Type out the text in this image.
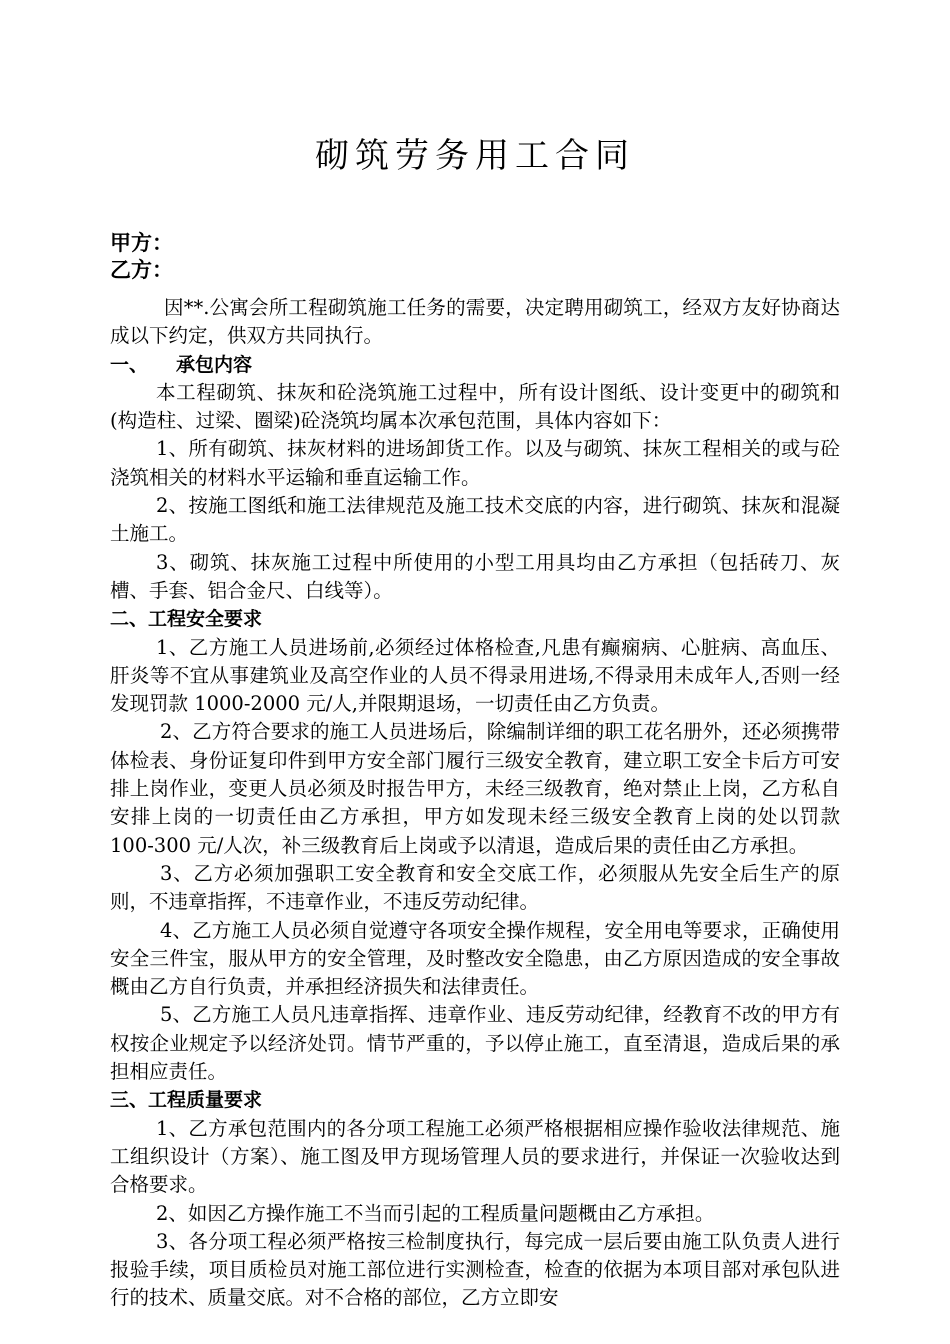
砌筑劳务用工合同
甲方：
乙方：

因**.公寓会所工程砌筑施工任务的需要，决定聘用砌筑工，经双方友好协商达成以下约定，供双方共同执行。

一、 承包内容

本工程砌筑、抹灰和砼浇筑施工过程中，所有设计图纸、设计变更中的砌筑和(构造柱、过梁、圈梁)砼浇筑均属本次承包范围，具体内容如下：

1、所有砌筑、抹灰材料的进场卸货工作。以及与砌筑、抹灰工程相关的或与砼浇筑相关的材料水平运输和垂直运输工作。

2、按施工图纸和施工法律规范及施工技术交底的内容，进行砌筑、抹灰和混凝土施工。

3、砌筑、抹灰施工过程中所使用的小型工用具均由乙方承担（包括砖刀、灰槽、手套、铝合金尺、白线等）。

二、工程安全要求

1、乙方施工人员进场前,必须经过体格检查,凡患有癫痫病、心脏病、高血压、肝炎等不宜从事建筑业及高空作业的人员不得录用进场,不得录用未成年人,否则一经发现罚款 1000-2000 元/人,并限期退场，一切责任由乙方负责。

2、乙方符合要求的施工人员进场后，除编制详细的职工花名册外，还必须携带体检表、身份证复印件到甲方安全部门履行三级安全教育，建立职工安全卡后方可安排上岗作业，变更人员必须及时报告甲方，未经三级教育，绝对禁止上岗，乙方私自安排上岗的一切责任由乙方承担，甲方如发现未经三级安全教育上岗的处以罚款 100-300 元/人次，补三级教育后上岗或予以清退，造成后果的责任由乙方承担。

3、乙方必须加强职工安全教育和安全交底工作，必须服从先安全后生产的原则，不违章指挥，不违章作业，不违反劳动纪律。

4、乙方施工人员必须自觉遵守各项安全操作规程，安全用电等要求，正确使用安全三件宝，服从甲方的安全管理，及时整改安全隐患，由乙方原因造成的安全事故概由乙方自行负责，并承担经济损失和法律责任。

5、乙方施工人员凡违章指挥、违章作业、违反劳动纪律，经教育不改的甲方有权按企业规定予以经济处罚。情节严重的，予以停止施工，直至清退，造成后果的承担相应责任。

三、工程质量要求

1、乙方承包范围内的各分项工程施工必须严格根据相应操作验收法律规范、施工组织设计（方案）、施工图及甲方现场管理人员的要求进行，并保证一次验收达到合格要求。

2、如因乙方操作施工不当而引起的工程质量问题概由乙方承担。

3、各分项工程必须严格按三检制度执行，每完成一层后要由施工队负责人进行报验手续，项目质检员对施工部位进行实测检查，检查的依据为本项目部对承包队进行的技术、质量交底。对不合格的部位，乙方立即安
